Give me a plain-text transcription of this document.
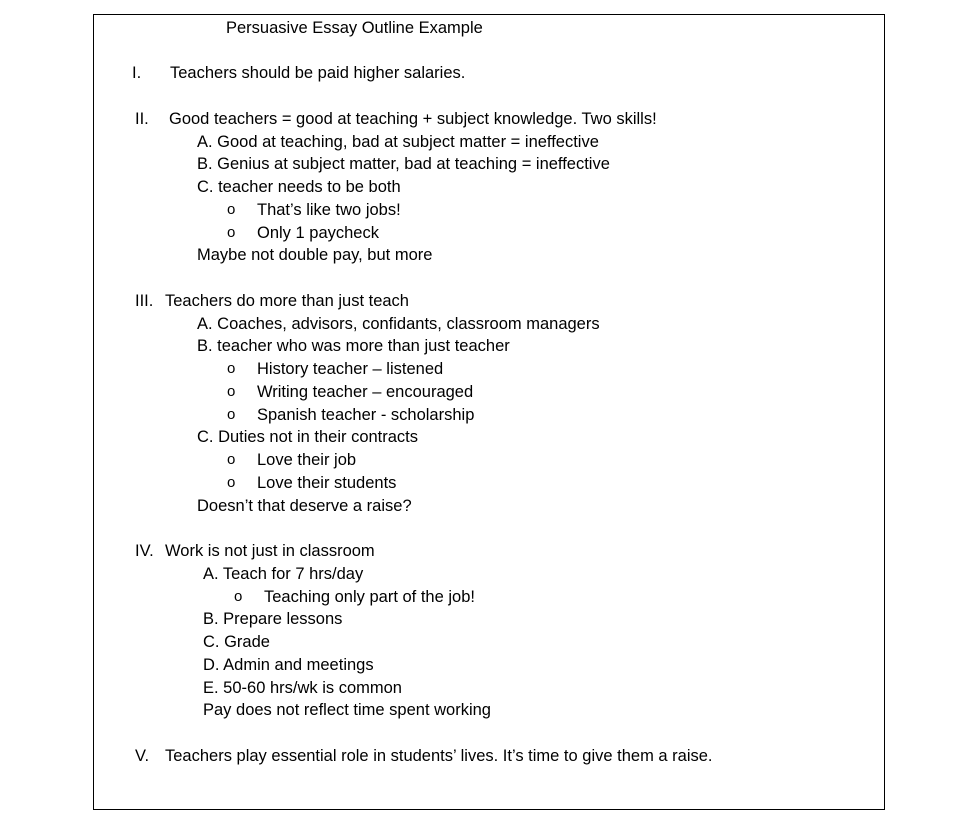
Persuasive Essay Outline Example
I. Teachers should be paid higher salaries.
II. Good teachers = good at teaching + subject knowledge. Two skills!
A. Good at teaching, bad at subject matter = ineffective
B. Genius at subject matter, bad at teaching = ineffective
C. teacher needs to be both
o That’s like two jobs!
o Only 1 paycheck
Maybe not double pay, but more
III. Teachers do more than just teach
A. Coaches, advisors, confidants, classroom managers
B. teacher who was more than just teacher
o History teacher – listened
o Writing teacher – encouraged
o Spanish teacher - scholarship
C. Duties not in their contracts
o Love their job
o Love their students
Doesn’t that deserve a raise?
IV. Work is not just in classroom
A. Teach for 7 hrs/day
o Teaching only part of the job!
B. Prepare lessons
C. Grade
D. Admin and meetings
E. 50-60 hrs/wk is common
Pay does not reflect time spent working
V. Teachers play essential role in students’ lives. It’s time to give them a raise.
